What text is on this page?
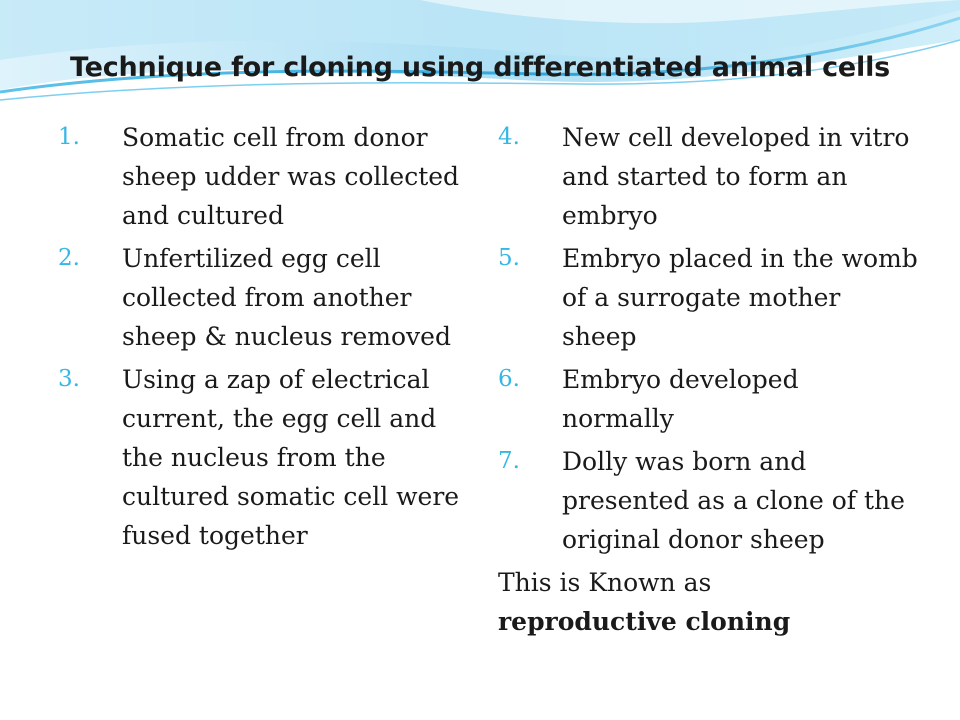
Technique for cloning using differentiated animal cells
1.	Somatic cell from donor sheep udder was collected and cultured
2.	Unfertilized egg cell collected from another sheep & nucleus removed
3.	Using a zap of electrical current, the egg cell and the nucleus from the cultured somatic cell were fused together
4.	New cell developed in vitro and started to form an embryo
5.	Embryo placed in the womb of a surrogate mother sheep
6.	Embryo developed normally
7.	Dolly was born and presented as a clone of the original donor sheep
This is Known as
reproductive cloning
